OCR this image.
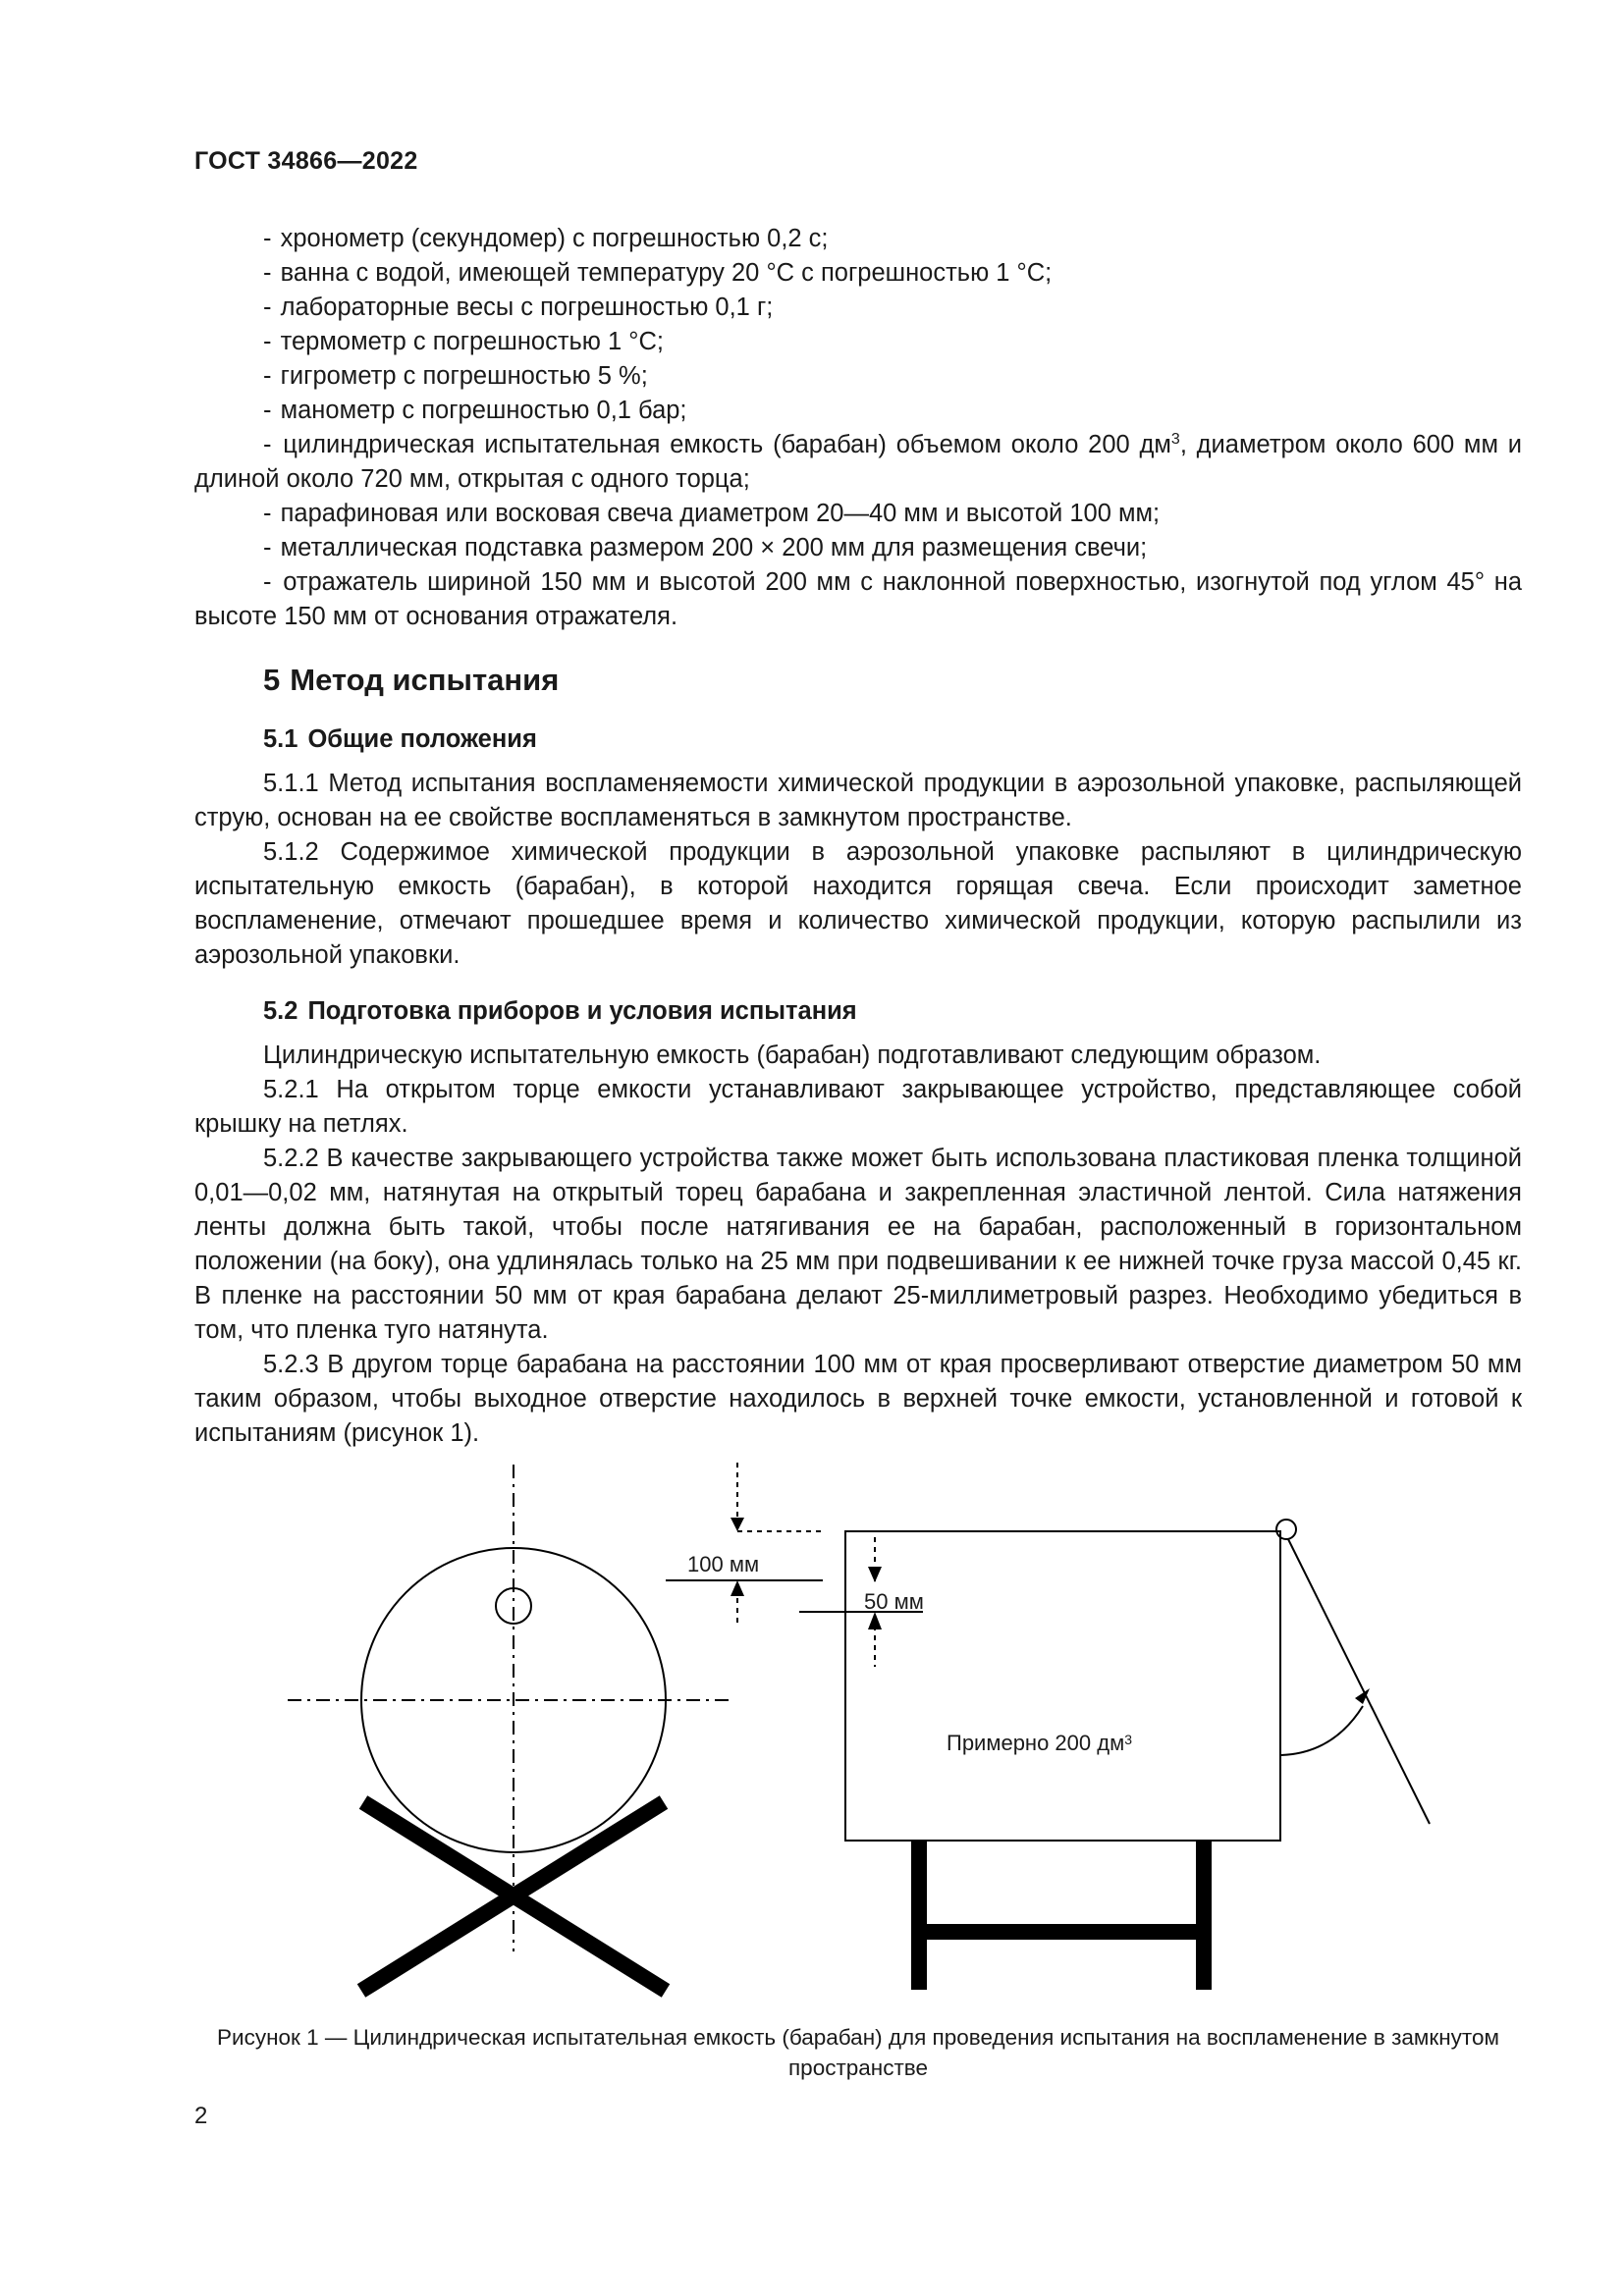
ГОСТ 34866—2022

- хронометр (секундомер) с погрешностью 0,2 с;

- ванна с водой, имеющей температуру 20 °С с погрешностью 1 °С;

- лабораторные весы с погрешностью 0,1 г;

- термометр с погрешностью 1 °С;

- гигрометр с погрешностью 5 %;

- манометр с погрешностью 0,1 бар;

- цилиндрическая испытательная емкость (барабан) объемом около 200 $дм^3$, диаметром около 600 мм и длиной около 720 мм, открытая с одного торца;

- парафиновая или восковая свеча диаметром 20—40 мм и высотой 100 мм;

- металлическая подставка размером 200 × 200 мм для размещения свечи;

- отражатель шириной 150 мм и высотой 200 мм с наклонной поверхностью, изогнутой под углом 45° на высоте 150 мм от основания отражателя.

5 Метод испытания
5.1 Общие положения

5.1.1 Метод испытания воспламеняемости химической продукции в аэрозольной упаковке, распыляющей струю, основан на ее свойстве воспламеняться в замкнутом пространстве.

5.1.2 Содержимое химической продукции в аэрозольной упаковке распыляют в цилиндрическую испытательную емкость (барабан), в которой находится горящая свеча. Если происходит заметное воспламенение, отмечают прошедшее время и количество химической продукции, которую распылили из аэрозольной упаковки.

5.2 Подготовка приборов и условия испытания

Цилиндрическую испытательную емкость (барабан) подготавливают следующим образом.

5.2.1 На открытом торце емкости устанавливают закрывающее устройство, представляющее собой крышку на петлях.

5.2.2 В качестве закрывающего устройства также может быть использована пластиковая пленка толщиной 0,01—0,02 мм, натянутая на открытый торец барабана и закрепленная эластичной лентой. Сила натяжения ленты должна быть такой, чтобы после натягивания ее на барабан, расположенный в горизонтальном положении (на боку), она удлинялась только на 25 мм при подвешивании к ее нижней точке груза массой 0,45 кг. В пленке на расстоянии 50 мм от края барабана делают 25-миллиметровый разрез. Необходимо убедиться в том, что пленка туго натянута.

5.2.3 В другом торце барабана на расстоянии 100 мм от края просверливают отверстие диаметром 50 мм таким образом, чтобы выходное отверстие находилось в верхней точке емкости, установленной и готовой к испытаниям (рисунок 1).

100 мм
50 мм
Примерно 200 $дм^3$
Рисунок 1 — Цилиндрическая испытательная емкость (барабан) для проведения испытания на воспламенение в замкнутом пространстве
2
